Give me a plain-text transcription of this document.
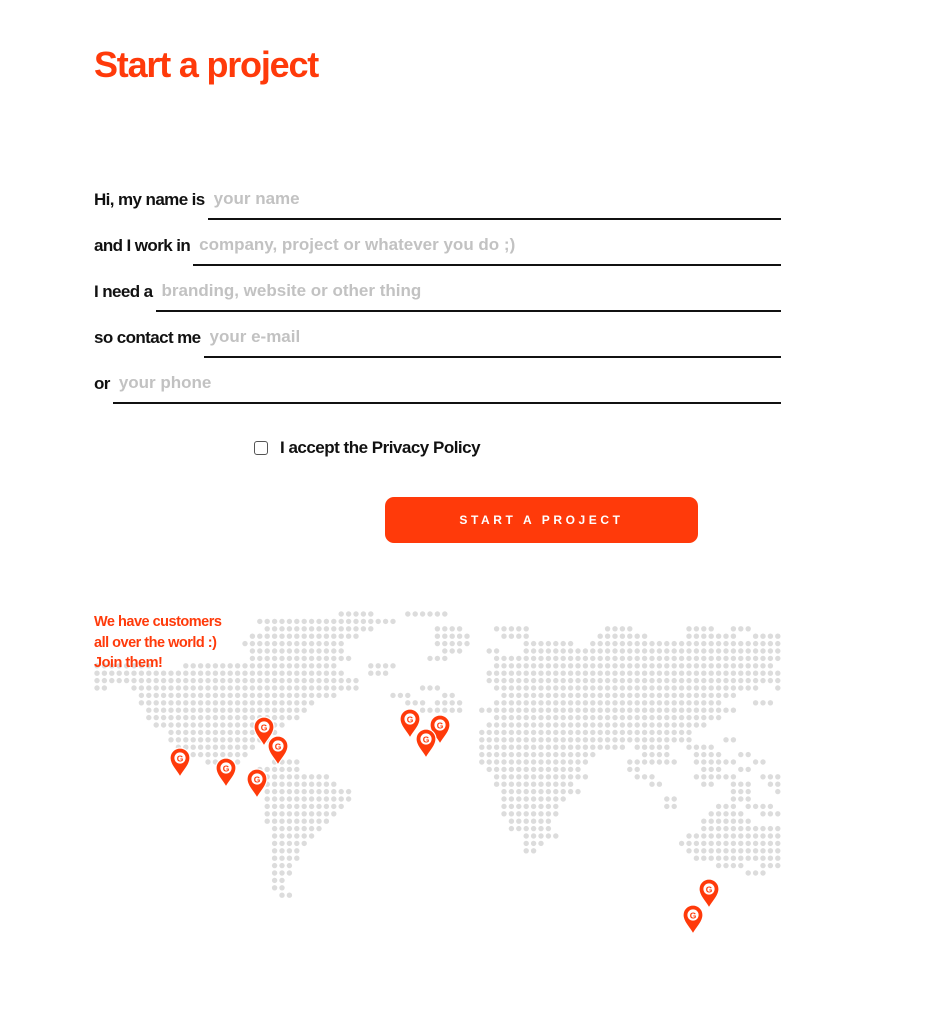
Start a project
Hi, my name is
your name
and I work in
company, project or whatever you do ;)
I need a
branding, website or other thing
so contact me
your e-mail
or
your phone
I accept the Privacy Policy
START A PROJECT
We have customers
all over the world :)
Join them!
G
G
G
G
G
G
G
G
G
G
